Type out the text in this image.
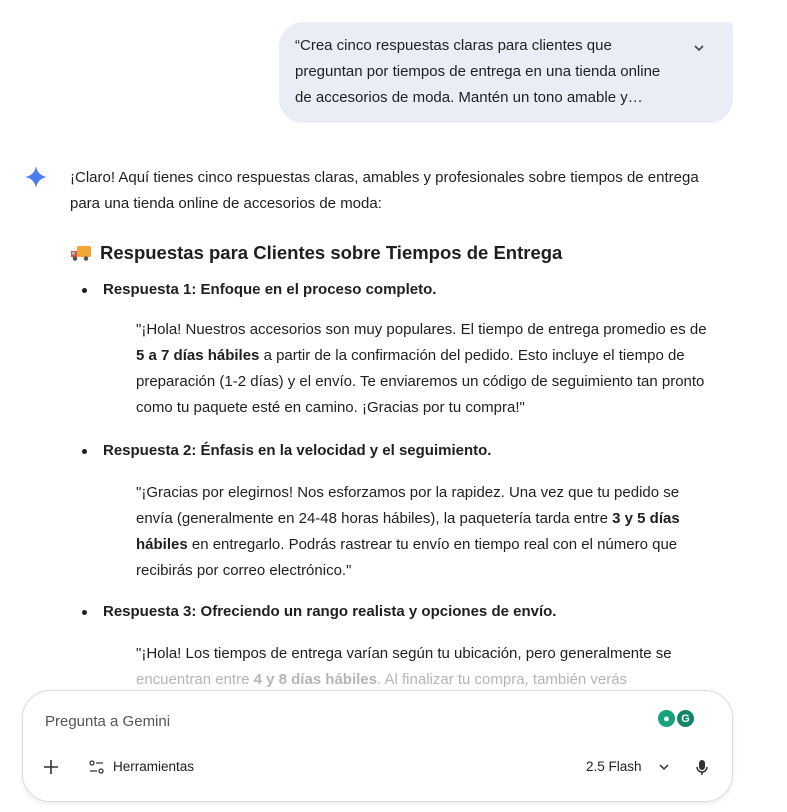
“Crea cinco respuestas claras para clientes que preguntan por tiempos de entrega en una tienda online de accesorios de moda. Mantén un tono amable y…
¡Claro! Aquí tienes cinco respuestas claras, amables y profesionales sobre tiempos de entrega para una tienda online de accesorios de moda:
Respuestas para Clientes sobre Tiempos de Entrega
Respuesta 1: Enfoque en el proceso completo.
"¡Hola! Nuestros accesorios son muy populares. El tiempo de entrega promedio es de 5 a 7 días hábiles a partir de la confirmación del pedido. Esto incluye el tiempo de preparación (1-2 días) y el envío. Te enviaremos un código de seguimiento tan pronto como tu paquete esté en camino. ¡Gracias por tu compra!"
Respuesta 2: Énfasis en la velocidad y el seguimiento.
"¡Gracias por elegirnos! Nos esforzamos por la rapidez. Una vez que tu pedido se envía (generalmente en 24-48 horas hábiles), la paquetería tarda entre 3 y 5 días hábiles en entregarlo. Podrás rastrear tu envío en tiempo real con el número que recibirás por correo electrónico."
Respuesta 3: Ofreciendo un rango realista y opciones de envío.
"¡Hola! Los tiempos de entrega varían según tu ubicación, pero generalmente se
encuentran entre 4 y 8 días hábiles. Al finalizar tu compra, también verás
Pregunta a Gemini	●	G
Herramientas	2.5 Flash
